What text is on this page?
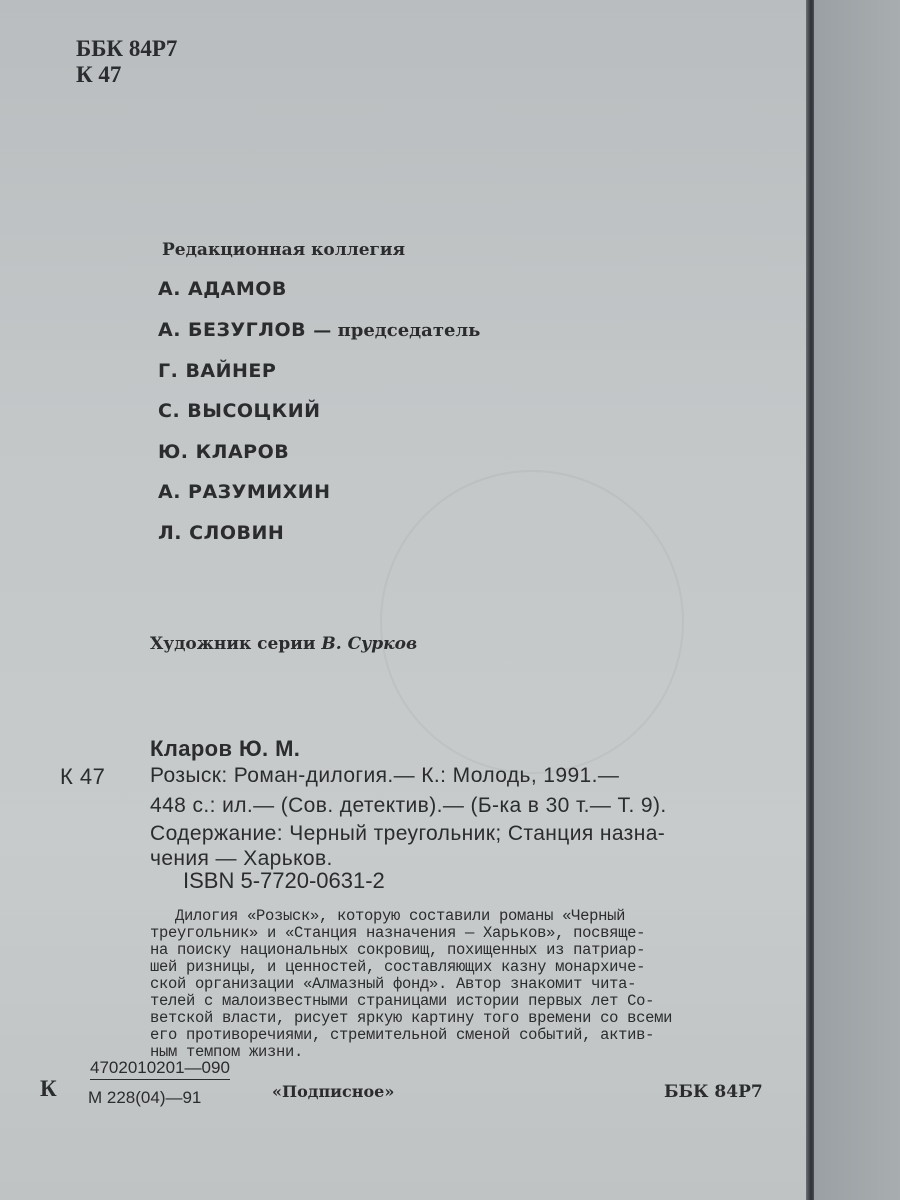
ББК 84Р7
К 47
Редакционная коллегия
А. АДАМОВ
А. БЕЗУГЛОВ — председатель
Г. ВАЙНЕР
С. ВЫСОЦКИЙ
Ю. КЛАРОВ
А. РАЗУМИХИН
Л. СЛОВИН
Художник серии В. Сурков
Кларов Ю. М.
К 47 Розыск: Роман-дилогия.— К.: Молодь, 1991.—
448 с.: ил.— (Сов. детектив).— (Б-ка в 30 т.— Т. 9).
Содержание: Черный треугольник; Станция назна-
чения — Харьков.
ISBN 5-7720-0631-2
Дилогия «Розыск», которую составили романы «Черный
треугольник» и «Станция назначения — Харьков», посвяще-
на поиску национальных сокровищ, похищенных из патриар-
шей ризницы, и ценностей, составляющих казну монархиче-
ской организации «Алмазный фонд». Автор знакомит чита-
телей с малоизвестными страницами истории первых лет Со-
ветской власти, рисует яркую картину того времени со всеми
его противоречиями, стремительной сменой событий, актив-
ным темпом жизни.
К
4702010201—090
М 228(04)—91	«Подписное»	ББК 84Р7
